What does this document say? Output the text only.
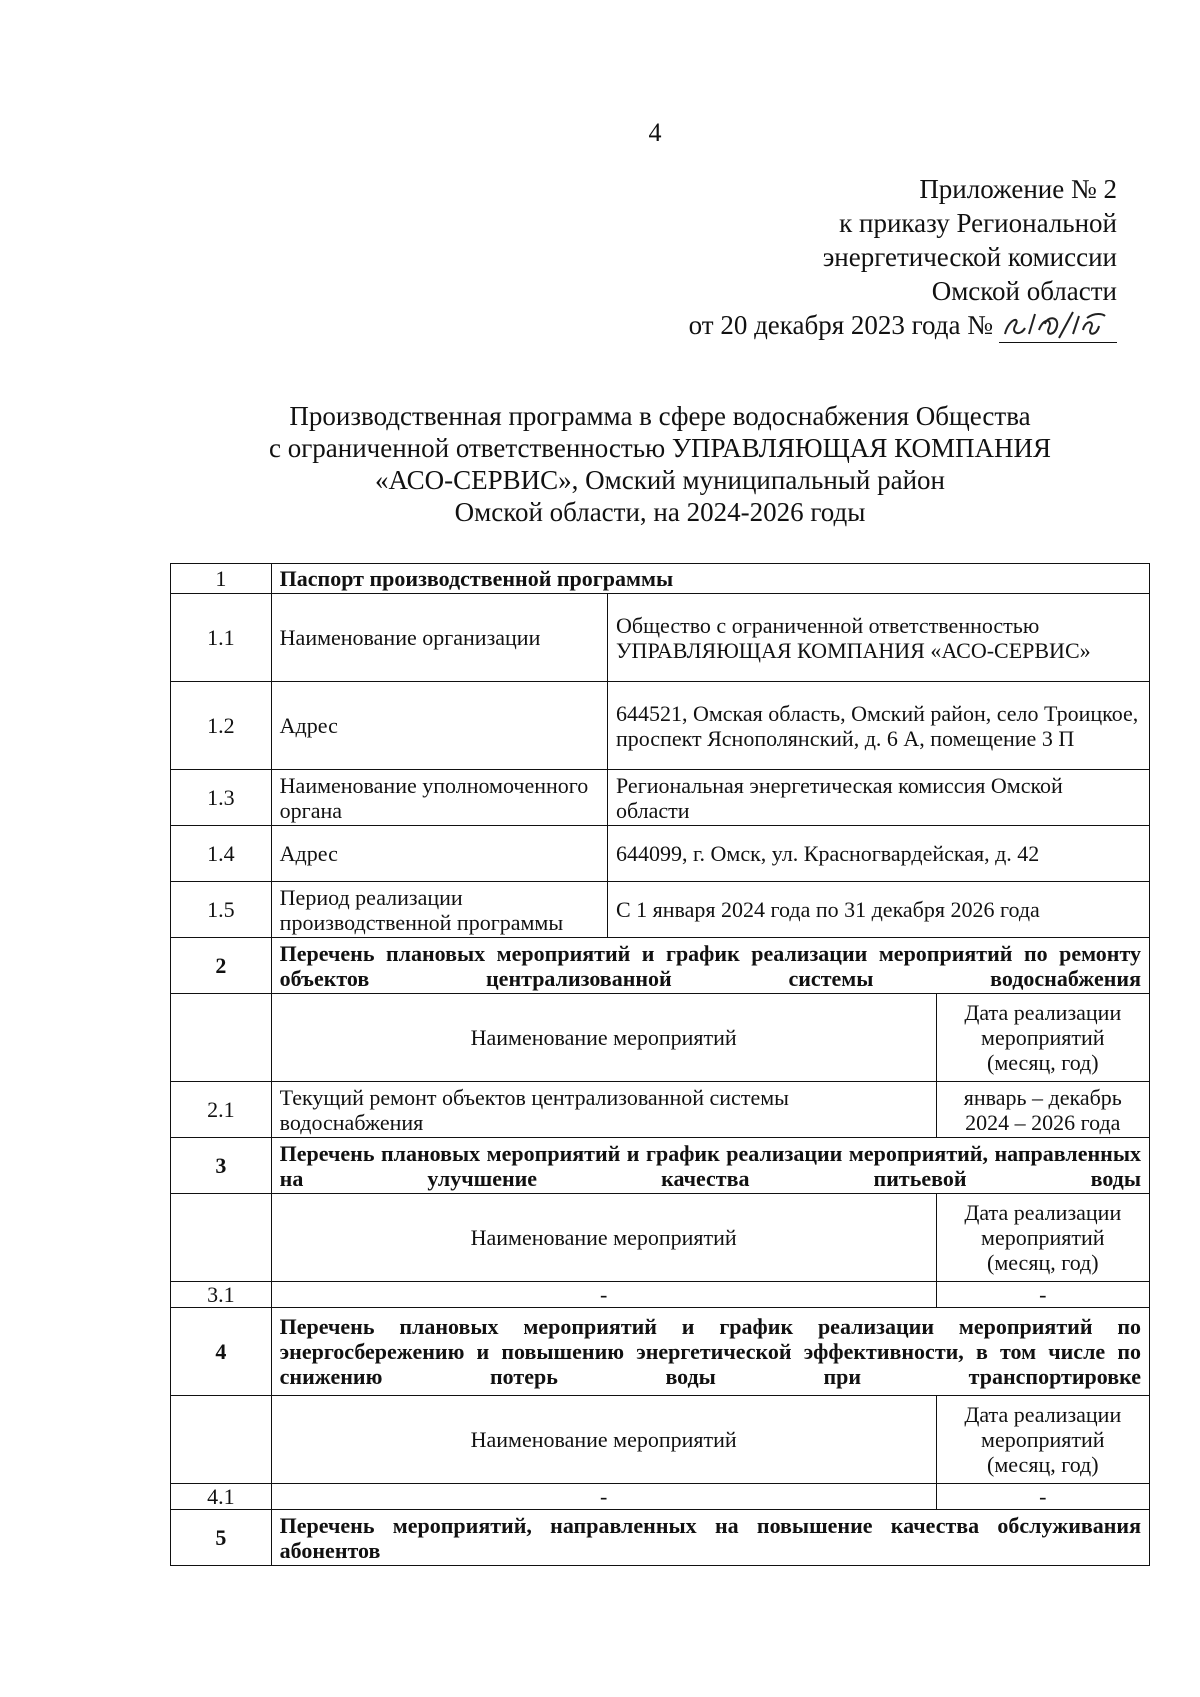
4
Приложение № 2
к приказу Региональной
энергетической комиссии
Омской области
от 20 декабря 2023 года №
Производственная программа в сфере водоснабжения Общества
с ограниченной ответственностью УПРАВЛЯЮЩАЯ КОМПАНИЯ
«АСО-СЕРВИС», Омский муниципальный район
Омской области, на 2024-2026 годы
1	Паспорт производственной программы		
1.1	Наименование организации	Общество с ограниченной ответственностью УПРАВЛЯЮЩАЯ КОМПАНИЯ «АСО-СЕРВИС»	
1.2	Адрес	644521, Омская область, Омский район, село Троицкое, проспект Яснополянский, д. 6 А, помещение 3 П	
1.3	Наименование уполномоченного органа	Региональная энергетическая комиссия Омской области	
1.4	Адрес	644099, г. Омск, ул. Красногвардейская, д. 42	
1.5	Период реализации производственной программы	С 1 января 2024 года по 31 декабря 2026 года	
2	Перечень плановых мероприятий и график реализации мероприятий по ремонту объектов централизованной системы водоснабжения		
	Наименование мероприятий		Дата реализации мероприятий (месяц, год)
2.1	Текущий ремонт объектов централизованной системы водоснабжения		январь – декабрь 2024 – 2026 года
3	Перечень плановых мероприятий и график реализации мероприятий, направленных на улучшение качества питьевой воды		
	Наименование мероприятий		Дата реализации мероприятий (месяц, год)
3.1	-		-
4	Перечень плановых мероприятий и график реализации мероприятий по энергосбережению и повышению энергетической эффективности, в том числе по снижению потерь воды при транспортировке		
	Наименование мероприятий		Дата реализации мероприятий (месяц, год)
4.1	-		-
5	Перечень мероприятий, направленных на повышение качества обслуживания абонентов		
